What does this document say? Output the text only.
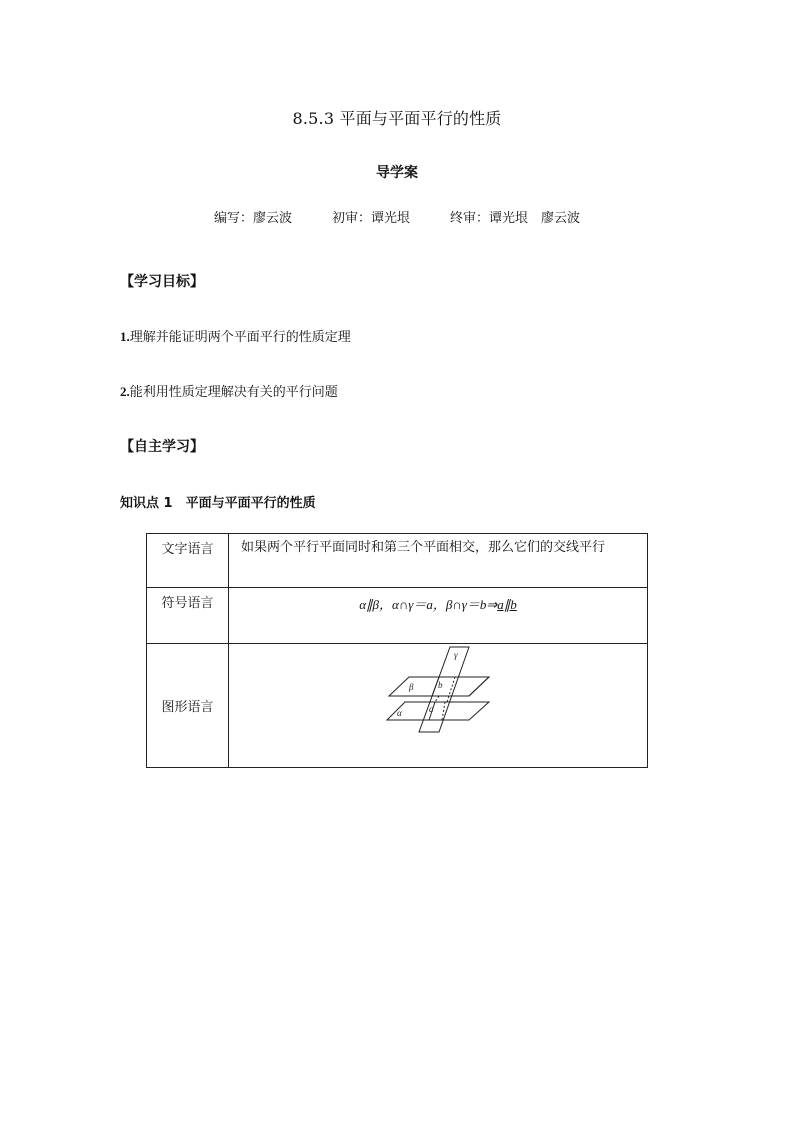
8.5.3 平面与平面平行的性质
导学案
编写：廖云波	初审：谭光垠	终审：谭光垠　廖云波
【学习目标】
1.理解并能证明两个平面平行的性质定理
2.能利用性质定理解决有关的平行问题
【自主学习】
知识点 1　平面与平面平行的性质
文字语言	如果两个平行平面同时和第三个平面相交，那么它们的交线平行
符号语言	α∥β，α∩γ＝a，β∩γ＝b⇒a∥b
图形语言	β
α
γ
b
a
